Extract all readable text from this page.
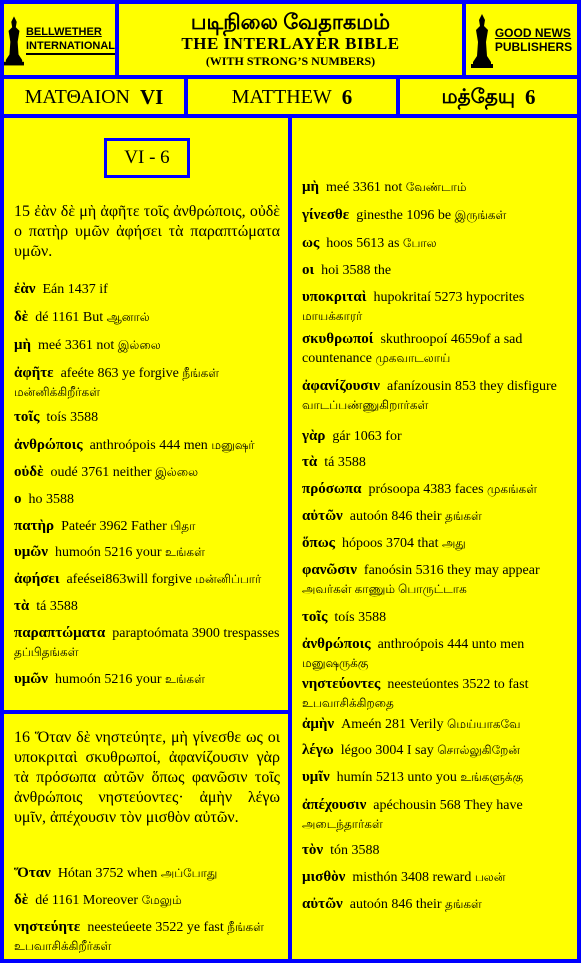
BELLWETHER
INTERNATIONAL
படிநிலை வேதாகமம்
THE INTERLAYER BIBLE
(WITH STRONG’S NUMBERS)
GOOD NEWS
PUBLISHERS
ΜΑΤΘΑΙΟΝ VI	MATTHEW 6	மத்தேயு 6
VI - 6

15 ἐὰν δὲ μὴ ἀφῆτε τοῖς ἀνθρώποις, οὐδὲ ο πατὴρ υμῶν ἀφήσει τὰ παραπτώματα υμῶν.

ἐὰν Eán 1437 if

δὲ dé 1161 But ஆனால்

μὴ meé 3361 not இல்லை

ἀφῆτε afeéte 863 ye forgive நீங்கள் மன்னிக்கிறீர்கள்

τοῖς toís 3588

ἀνθρώποις anthroópois 444 men மனுஷர்

οὐδὲ oudé 3761 neither இல்லை

ο ho 3588

πατὴρ Pateér 3962 Father பிதா

υμῶν humoón 5216 your உங்கள்

ἀφήσει afeései863will forgive மன்னிப்பார்

τὰ tá 3588

παραπτώματα paraptoómata 3900 trespasses தப்பிதங்கள்

υμῶν humoón 5216 your உங்கள்

16 Ὅταν δὲ νηστεύητε, μὴ γίνεσθε ως οι υποκριταὶ σκυθρωποί, ἀφανίζουσιν γὰρ τὰ πρόσωπα αὐτῶν ὅπως φανῶσιν τοῖς ἀνθρώποις νηστεύοντες· ἀμὴν λέγω υμῖν, ἀπέχουσιν τὸν μισθὸν αὐτῶν.

Ὅταν Hótan 3752 when அப்போது

δὲ dé 1161 Moreover மேலும்

νηστεύητε neesteúeete 3522 ye fast நீங்கள் உபவாசிக்கிறீர்கள்

μὴ meé 3361 not வேண்டாம்

γίνεσθε ginesthe 1096 be இருங்கள்

ως hoos 5613 as போல

οι hoi 3588 the

υποκριταὶ hupokritaí 5273 hypocrites மாயக்காரர்

σκυθρωποί skuthroopoí 4659of a sad countenance முகவாடலாய்

ἀφανίζουσιν afanízousin 853 they disfigure வாடப்பண்ணுகிறார்கள்

γὰρ gár 1063 for

τὰ tá 3588

πρόσωπα prósoopa 4383 faces முகங்கள்

αὐτῶν autoón 846 their தங்கள்

ὅπως hópoos 3704 that அது

φανῶσιν fanoósin 5316 they may appear அவர்கள் காணும் பொருட்டாக

τοῖς toís 3588

ἀνθρώποις anthroópois 444 unto men மனுஷருக்கு

νηστεύοντες neesteúontes 3522 to fast உபவாசிக்கிறதை

ἀμὴν Ameén 281 Verily மெய்யாகவே

λέγω légoo 3004 I say சொல்லுகிறேன்

υμῖν humín 5213 unto you உங்களுக்கு

ἀπέχουσιν apéchousin 568 They have அடைந்தார்கள்

τὸν tón 3588

μισθὸν misthón 3408 reward பலன்

αὐτῶν autoón 846 their தங்கள்
